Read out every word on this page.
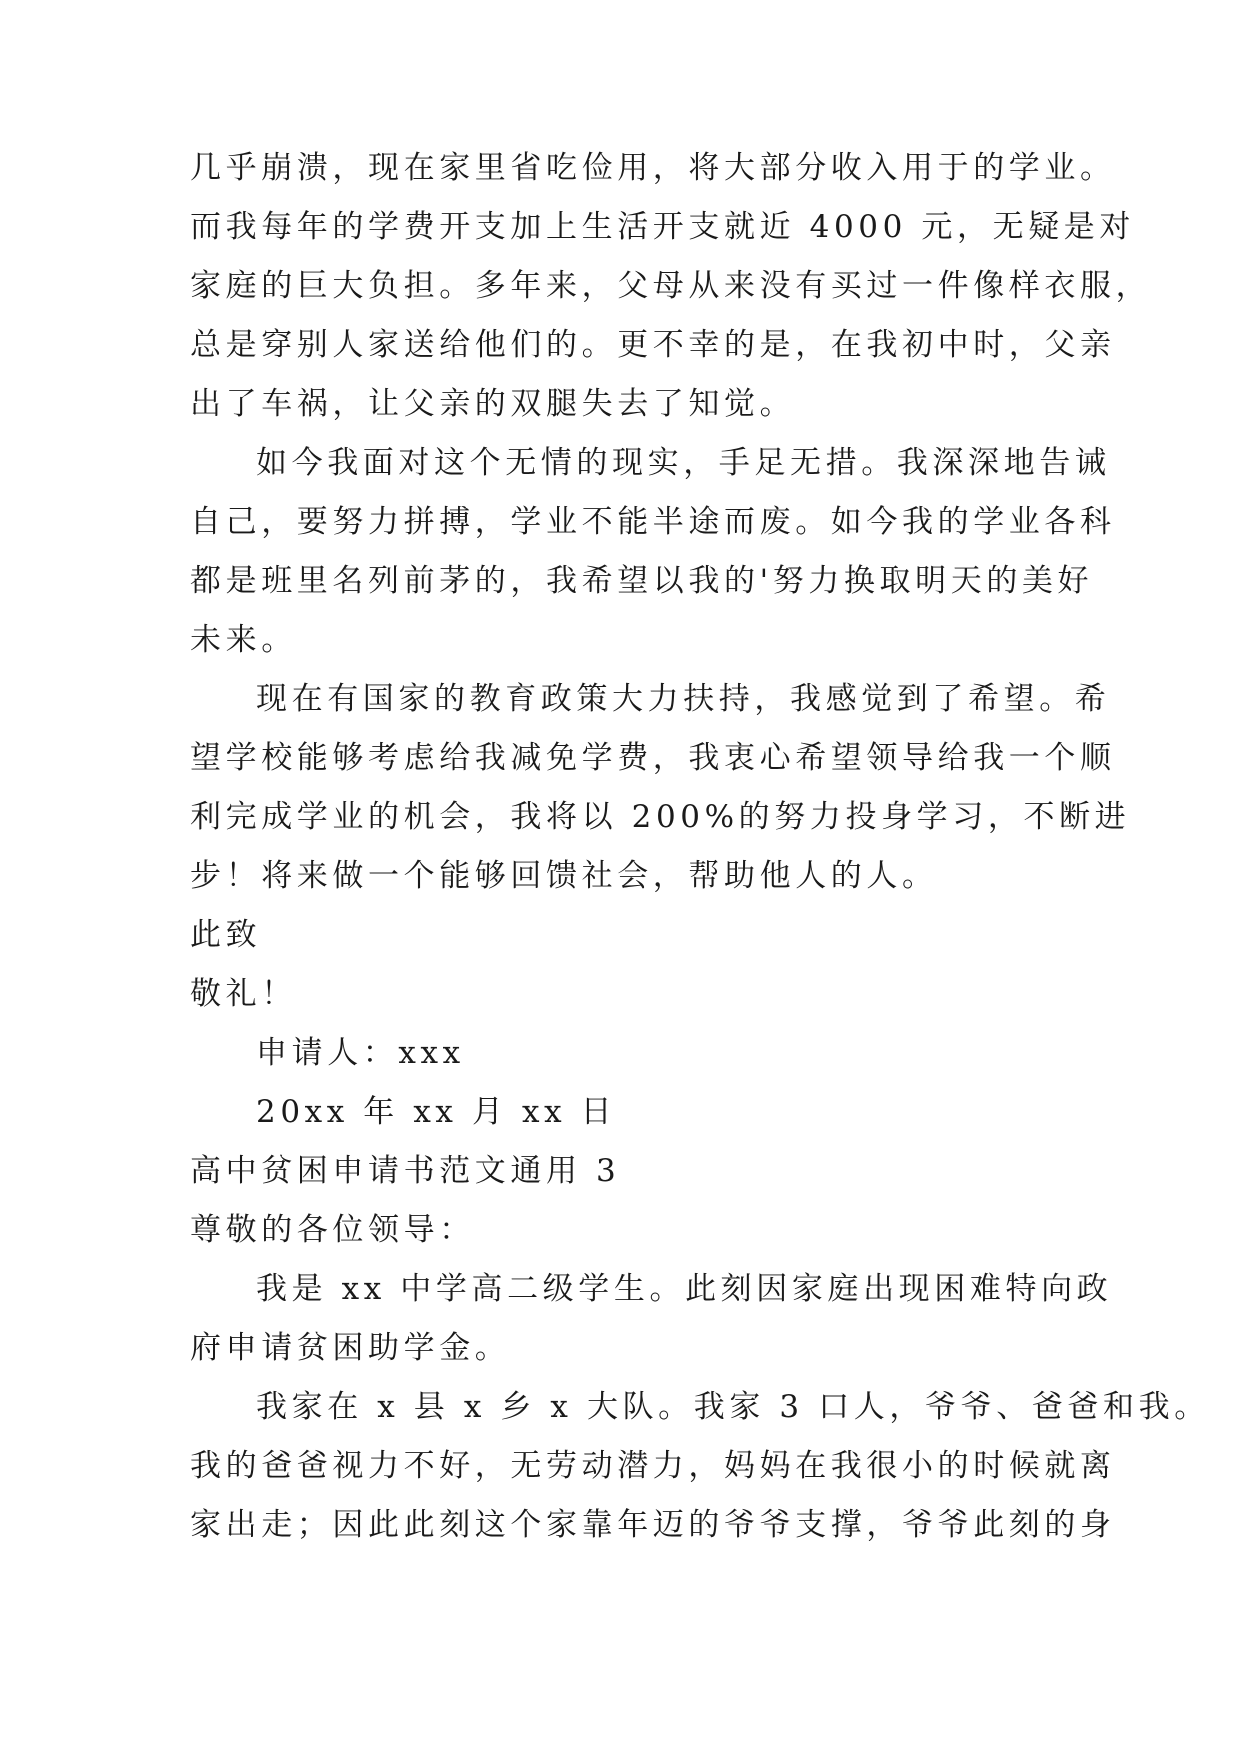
几乎崩溃，现在家里省吃俭用，将大部分收入用于的学业。
而我每年的学费开支加上生活开支就近 4000 元，无疑是对
家庭的巨大负担。多年来，父母从来没有买过一件像样衣服，
总是穿别人家送给他们的。更不幸的是，在我初中时，父亲
出了车祸，让父亲的双腿失去了知觉。
如今我面对这个无情的现实，手足无措。我深深地告诫
自己，要努力拼搏，学业不能半途而废。如今我的学业各科
都是班里名列前茅的，我希望以我的'努力换取明天的美好
未来。
现在有国家的教育政策大力扶持，我感觉到了希望。希
望学校能够考虑给我减免学费，我衷心希望领导给我一个顺
利完成学业的机会，我将以 200%的努力投身学习，不断进
步！将来做一个能够回馈社会，帮助他人的人。
此致
敬礼！
申请人：xxx
20xx 年 xx 月 xx 日
高中贫困申请书范文通用 3
尊敬的各位领导：
我是 xx 中学高二级学生。此刻因家庭出现困难特向政
府申请贫困助学金。
我家在 x 县 x 乡 x 大队。我家 3 口人，爷爷、爸爸和我。
我的爸爸视力不好，无劳动潜力，妈妈在我很小的时候就离
家出走；因此此刻这个家靠年迈的爷爷支撑，爷爷此刻的身
